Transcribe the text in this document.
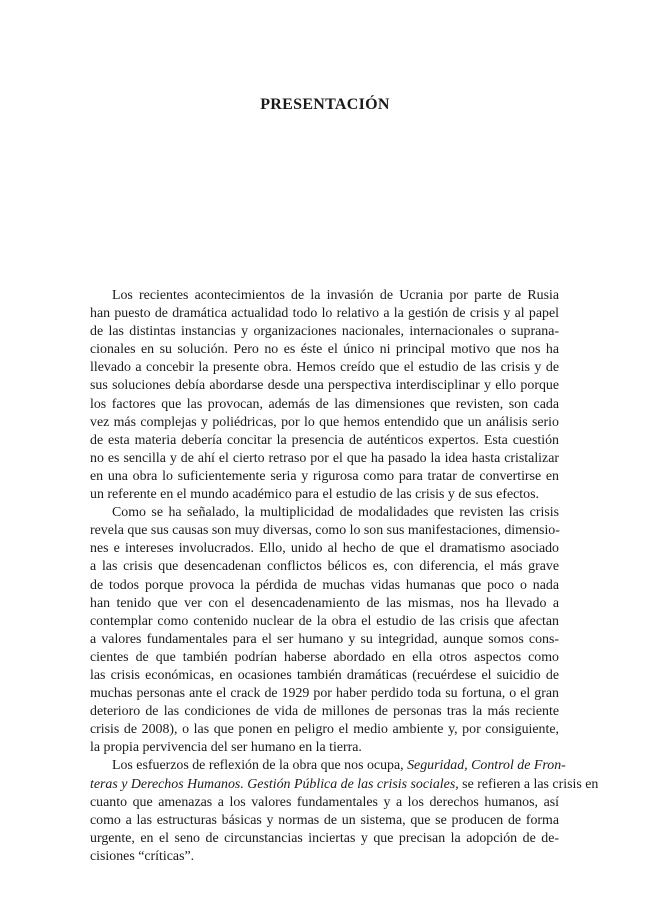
PRESENTACIÓN
Los recientes acontecimientos de la invasión de Ucrania por parte de Rusia
han puesto de dramática actualidad todo lo relativo a la gestión de crisis y al papel
de las distintas instancias y organizaciones nacionales, internacionales o suprana-
cionales en su solución. Pero no es éste el único ni principal motivo que nos ha
llevado a concebir la presente obra. Hemos creído que el estudio de las crisis y de
sus soluciones debía abordarse desde una perspectiva interdisciplinar y ello porque
los factores que las provocan, además de las dimensiones que revisten, son cada
vez más complejas y poliédricas, por lo que hemos entendido que un análisis serio
de esta materia debería concitar la presencia de auténticos expertos. Esta cuestión
no es sencilla y de ahí el cierto retraso por el que ha pasado la idea hasta cristalizar
en una obra lo suficientemente seria y rigurosa como para tratar de convertirse en
un referente en el mundo académico para el estudio de las crisis y de sus efectos.
Como se ha señalado, la multiplicidad de modalidades que revisten las crisis
revela que sus causas son muy diversas, como lo son sus manifestaciones, dimensio-
nes e intereses involucrados. Ello, unido al hecho de que el dramatismo asociado
a las crisis que desencadenan conflictos bélicos es, con diferencia, el más grave
de todos porque provoca la pérdida de muchas vidas humanas que poco o nada
han tenido que ver con el desencadenamiento de las mismas, nos ha llevado a
contemplar como contenido nuclear de la obra el estudio de las crisis que afectan
a valores fundamentales para el ser humano y su integridad, aunque somos cons-
cientes de que también podrían haberse abordado en ella otros aspectos como
las crisis económicas, en ocasiones también dramáticas (recuérdese el suicidio de
muchas personas ante el crack de 1929 por haber perdido toda su fortuna, o el gran
deterioro de las condiciones de vida de millones de personas tras la más reciente
crisis de 2008), o las que ponen en peligro el medio ambiente y, por consiguiente,
la propia pervivencia del ser humano en la tierra.
Los esfuerzos de reflexión de la obra que nos ocupa, Seguridad, Control de Fron-
teras y Derechos Humanos. Gestión Pública de las crisis sociales, se refieren a las crisis en
cuanto que amenazas a los valores fundamentales y a los derechos humanos, así
como a las estructuras básicas y normas de un sistema, que se producen de forma
urgente, en el seno de circunstancias inciertas y que precisan la adopción de de-
cisiones “críticas”.
